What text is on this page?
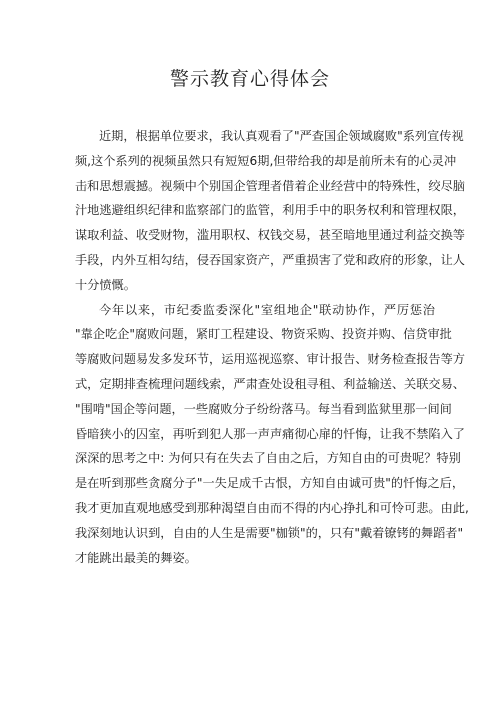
警示教育心得体会
近期，根据单位要求，我认真观看了"严查国企领域腐败"系列宣传视
频,这个系列的视频虽然只有短短6期,但带给我的却是前所未有的心灵冲
击和思想震撼。视频中个别国企管理者借着企业经营中的特殊性，绞尽脑
汁地逃避组织纪律和监察部门的监管，利用手中的职务权利和管理权限，
谋取利益、收受财物，滥用职权、权钱交易，甚至暗地里通过利益交换等
手段，内外互相勾结，侵吞国家资产，严重损害了党和政府的形象，让人
十分愤慨。
今年以来，市纪委监委深化"室组地企"联动协作，严厉惩治
"靠企吃企"腐败问题，紧盯工程建设、物资采购、投资并购、信贷审批
等腐败问题易发多发环节，运用巡视巡察、审计报告、财务检查报告等方
式，定期排查梳理问题线索，严肃查处设租寻租、利益输送、关联交易、
"围啃"国企等问题，一些腐败分子纷纷落马。每当看到监狱里那一间间
昏暗狭小的囚室，再听到犯人那一声声痛彻心扉的忏悔，让我不禁陷入了
深深的思考之中: 为何只有在失去了自由之后，方知自由的可贵呢？特别
是在听到那些贪腐分子"一失足成千古恨，方知自由诚可贵"的忏悔之后，
我才更加直观地感受到那种渴望自由而不得的内心挣扎和可怜可悲。由此,
我深刻地认识到，自由的人生是需要"枷锁"的，只有"戴着镣铐的舞蹈者"
才能跳出最美的舞姿。
